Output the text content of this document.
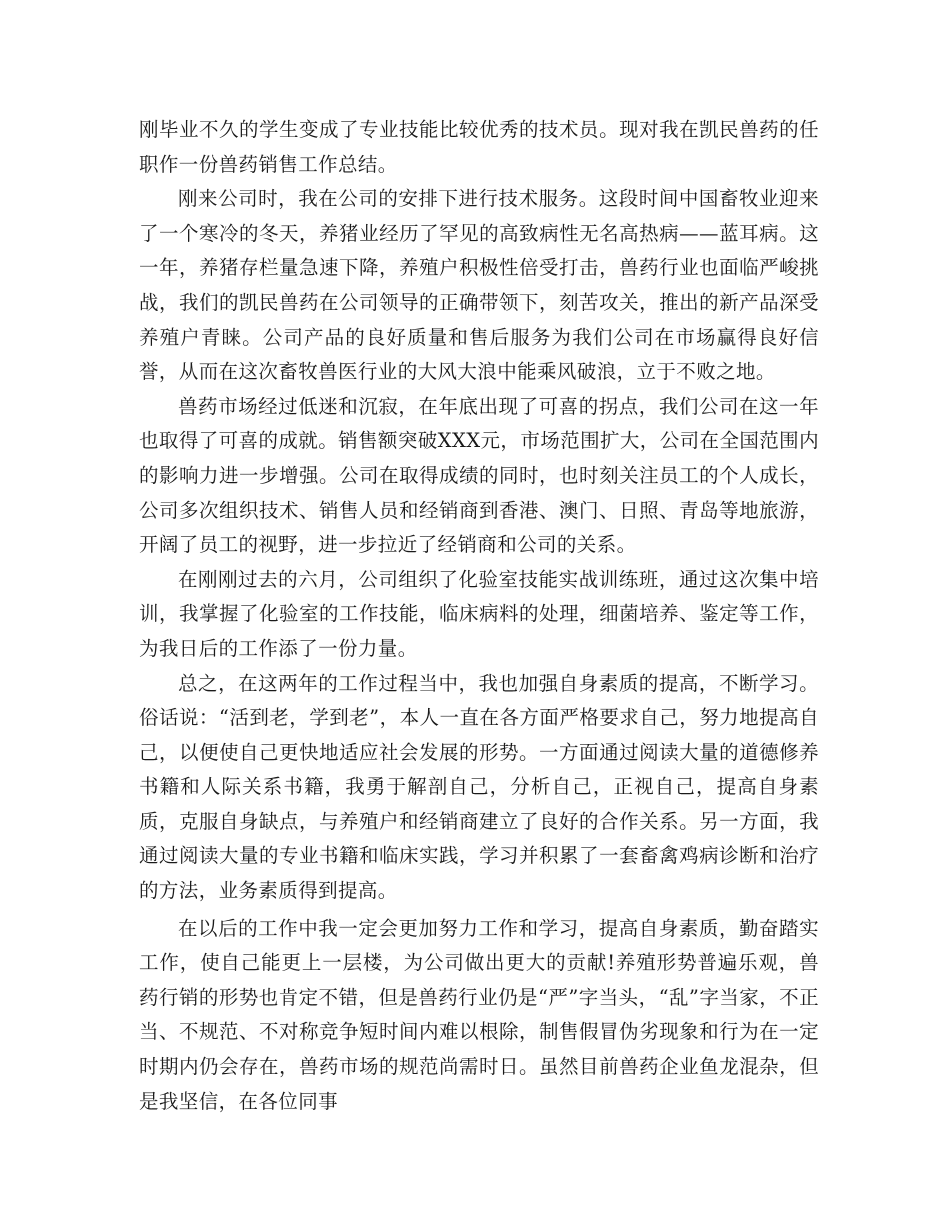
刚毕业不久的学生变成了专业技能比较优秀的技术员。现对我在凯民兽药的任职作一份兽药销售工作总结。

刚来公司时，我在公司的安排下进行技术服务。这段时间中国畜牧业迎来了一个寒冷的冬天，养猪业经历了罕见的高致病性无名高热病——蓝耳病。这一年，养猪存栏量急速下降，养殖户积极性倍受打击，兽药行业也面临严峻挑战，我们的凯民兽药在公司领导的正确带领下，刻苦攻关，推出的新产品深受养殖户青睐。公司产品的良好质量和售后服务为我们公司在市场赢得良好信誉，从而在这次畜牧兽医行业的大风大浪中能乘风破浪，立于不败之地。

兽药市场经过低迷和沉寂，在年底出现了可喜的拐点，我们公司在这一年也取得了可喜的成就。销售额突破XXX元，市场范围扩大，公司在全国范围内的影响力进一步增强。公司在取得成绩的同时，也时刻关注员工的个人成长，公司多次组织技术、销售人员和经销商到香港、澳门、日照、青岛等地旅游，开阔了员工的视野，进一步拉近了经销商和公司的关系。

在刚刚过去的六月，公司组织了化验室技能实战训练班，通过这次集中培训，我掌握了化验室的工作技能，临床病料的处理，细菌培养、鉴定等工作，为我日后的工作添了一份力量。

总之，在这两年的工作过程当中，我也加强自身素质的提高，不断学习。俗话说：“活到老，学到老”，本人一直在各方面严格要求自己，努力地提高自己，以便使自己更快地适应社会发展的形势。一方面通过阅读大量的道德修养书籍和人际关系书籍，我勇于解剖自己，分析自己，正视自己，提高自身素质，克服自身缺点，与养殖户和经销商建立了良好的合作关系。另一方面，我通过阅读大量的专业书籍和临床实践，学习并积累了一套畜禽鸡病诊断和治疗的方法，业务素质得到提高。

在以后的工作中我一定会更加努力工作和学习，提高自身素质，勤奋踏实工作，使自己能更上一层楼，为公司做出更大的贡献!养殖形势普遍乐观，兽药行销的形势也肯定不错，但是兽药行业仍是“严”字当头，“乱”字当家，不正当、不规范、不对称竞争短时间内难以根除，制售假冒伪劣现象和行为在一定时期内仍会存在，兽药市场的规范尚需时日。虽然目前兽药企业鱼龙混杂，但是我坚信，在各位同事
